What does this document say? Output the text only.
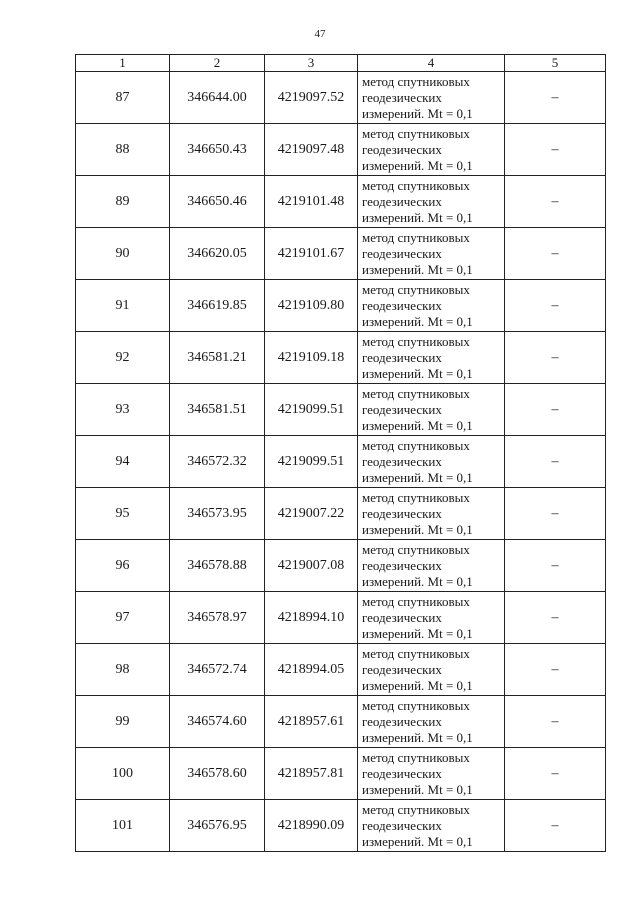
47
1	2	3	4	5
87	346644.00	4219097.52	метод спутниковых
геодезических
измерений. Mt = 0,1	–
88	346650.43	4219097.48	метод спутниковых
геодезических
измерений. Mt = 0,1	–
89	346650.46	4219101.48	метод спутниковых
геодезических
измерений. Mt = 0,1	–
90	346620.05	4219101.67	метод спутниковых
геодезических
измерений. Mt = 0,1	–
91	346619.85	4219109.80	метод спутниковых
геодезических
измерений. Mt = 0,1	–
92	346581.21	4219109.18	метод спутниковых
геодезических
измерений. Mt = 0,1	–
93	346581.51	4219099.51	метод спутниковых
геодезических
измерений. Mt = 0,1	–
94	346572.32	4219099.51	метод спутниковых
геодезических
измерений. Mt = 0,1	–
95	346573.95	4219007.22	метод спутниковых
геодезических
измерений. Mt = 0,1	–
96	346578.88	4219007.08	метод спутниковых
геодезических
измерений. Mt = 0,1	–
97	346578.97	4218994.10	метод спутниковых
геодезических
измерений. Mt = 0,1	–
98	346572.74	4218994.05	метод спутниковых
геодезических
измерений. Mt = 0,1	–
99	346574.60	4218957.61	метод спутниковых
геодезических
измерений. Mt = 0,1	–
100	346578.60	4218957.81	метод спутниковых
геодезических
измерений. Mt = 0,1	–
101	346576.95	4218990.09	метод спутниковых
геодезических
измерений. Mt = 0,1	–
